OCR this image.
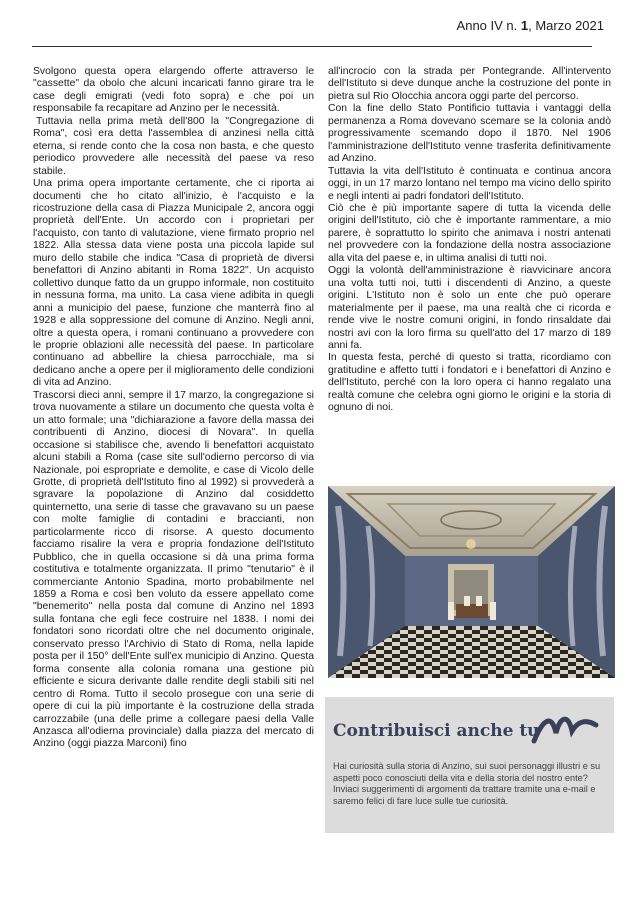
Anno IV n. 1, Marzo 2021

Svolgono questa opera elargendo offerte attraverso le "cassette" da obolo che alcuni incaricati fanno girare tra le case degli emigrati (vedi foto sopra) e che poi un responsabile fa recapitare ad Anzino per le necessità.

Tuttavia nella prima metà dell'800 la "Congregazione di Roma", così era detta l'assemblea di anzinesi nella città eterna, si rende conto che la cosa non basta, e che questo periodico provvedere alle necessità del paese va reso stabile.

Una prima opera importante certamente, che ci riporta ai documenti che ho citato all'inizio, è l'acquisto e la ricostruzione della casa di Piazza Municipale 2, ancora oggi proprietà dell'Ente. Un accordo con i proprietari per l'acquisto, con tanto di valutazione, viene firmato proprio nel 1822. Alla stessa data viene posta una piccola lapide sul muro dello stabile che indica "Casa di proprietà de diversi benefattori di Anzino abitanti in Roma 1822". Un acquisto collettivo dunque fatto da un gruppo informale, non costituito in nessuna forma, ma unito. La casa viene adibita in quegli anni a municipio del paese, funzione che manterrà fino al 1928 e alla soppressione del comune di Anzino. Negli anni, oltre a questa opera, i romani continuano a provvedere con le proprie oblazioni alle necessità del paese. In particolare continuano ad abbellire la chiesa parrocchiale, ma si dedicano anche a opere per il miglioramento delle condizioni di vita ad Anzino.

Trascorsi dieci anni, sempre il 17 marzo, la congregazione si trova nuovamente a stilare un documento che questa volta è un atto formale; una "dichiarazione a favore della massa dei contribuenti di Anzino, diocesi di Novara". In quella occasione si stabilisce che, avendo li benefattori acquistato alcuni stabili a Roma (case site sull'odierno percorso di via Nazionale, poi espropriate e demolite, e case di Vicolo delle Grotte, di proprietà dell'Istituto fino al 1992) si provvederà a sgravare la popolazione di Anzino dal cosiddetto quinternetto, una serie di tasse che gravavano su un paese con molte famiglie di contadini e braccianti, non particolarmente ricco di risorse. A questo documento facciamo risalire la vera e propria fondazione dell'Istituto Pubblico, che in quella occasione si dà una prima forma costitutiva e totalmente organizzata. Il primo "tenutario" è il commerciante Antonio Spadina, morto probabilmente nel 1859 a Roma e così ben voluto da essere appellato come "benemerito" nella posta dal comune di Anzino nel 1893 sulla fontana che egli fece costruire nel 1838. I nomi dei fondatori sono ricordati oltre che nel documento originale, conservato presso l'Archivio di Stato di Roma, nella lapide posta per il 150° dell'Ente sull'ex municipio di Anzino. Questa forma consente alla colonia romana una gestione più efficiente e sicura derivante dalle rendite degli stabili siti nel centro di Roma. Tutto il secolo prosegue con una serie di opere di cui la più importante è la costruzione della strada carrozzabile (una delle prime a collegare paesi della Valle Anzasca all'odierna provinciale) dalla piazza del mercato di Anzino (oggi piazza Marconi) fino

all'incrocio con la strada per Pontegrande. All'intervento dell'Istituto si deve dunque anche la costruzione del ponte in pietra sul Rio Olocchia ancora oggi parte del percorso.

Con la fine dello Stato Pontificio tuttavia i vantaggi della permanenza a Roma dovevano scemare se la colonia andò progressivamente scemando dopo il 1870. Nel 1906 l'amministrazione dell'Istituto venne trasferita definitivamente ad Anzino.

Tuttavia la vita dell'Istituto è continuata e continua ancora oggi, in un 17 marzo lontano nel tempo ma vicino dello spirito e negli intenti ai padri fondatori dell'Istituto.

Ciò che è più importante sapere di tutta la vicenda delle origini dell'Istituto, ciò che è importante rammentare, a mio parere, è soprattutto lo spirito che animava i nostri antenati nel provvedere con la fondazione della nostra associazione alla vita del paese e, in ultima analisi di tutti noi.

Oggi la volontà dell'amministrazione è riavvicinare ancora una volta tutti noi, tutti i discendenti di Anzino, a queste origini. L'Istituto non è solo un ente che può operare materialmente per il paese, ma una realtà che ci ricorda e rende vive le nostre comuni origini, in fondo rinsaldate dai nostri avi con la loro firma su quell'atto del 17 marzo di 189 anni fa.

In questa festa, perché di questo si tratta, ricordiamo con gratitudine e affetto tutti i fondatori e i benefattori di Anzino e dell'Istituto, perché con la loro opera ci hanno regalato una realtà comune che celebra ogni giorno le origini e la storia di ognuno di noi.

Contribuisci anche tu
Hai curiosità sulla storia di Anzino, sui suoi personaggi illustri e su aspetti poco conosciuti della vita e della storia del nostro ente? Inviaci suggerimenti di argomenti da trattare tramite una e-mail e saremo felici di fare luce sulle tue curiosità.
